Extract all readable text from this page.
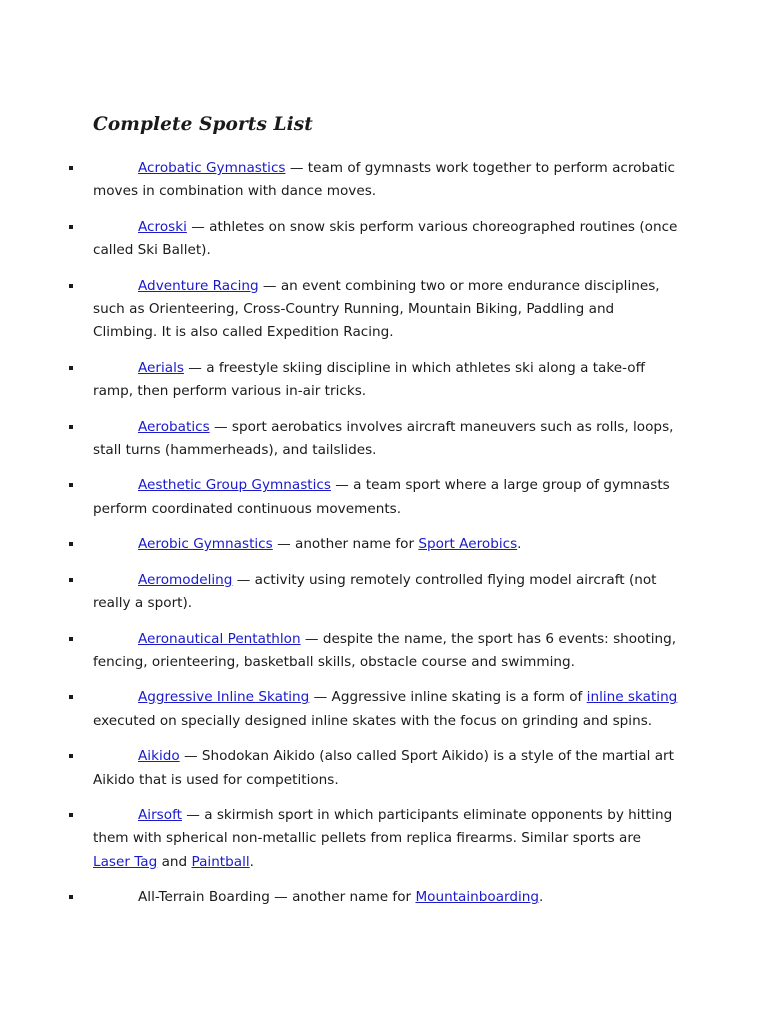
Complete Sports List
Acrobatic Gymnastics — team of gymnasts work together to perform acrobatic moves in combination with dance moves.
Acroski — athletes on snow skis perform various choreographed routines (once called Ski Ballet).
Adventure Racing — an event combining two or more endurance disciplines, such as Orienteering, Cross-Country Running, Mountain Biking, Paddling and Climbing. It is also called Expedition Racing.
Aerials — a freestyle skiing discipline in which athletes ski along a take-off ramp, then perform various in-air tricks.
Aerobatics — sport aerobatics involves aircraft maneuvers such as rolls, loops, stall turns (hammerheads), and tailslides.
Aesthetic Group Gymnastics — a team sport where a large group of gymnasts perform coordinated continuous movements.
Aerobic Gymnastics — another name for Sport Aerobics.
Aeromodeling — activity using remotely controlled flying model aircraft (not really a sport).
Aeronautical Pentathlon — despite the name, the sport has 6 events: shooting, fencing, orienteering, basketball skills, obstacle course and swimming.
Aggressive Inline Skating — Aggressive inline skating is a form of inline skating executed on specially designed inline skates with the focus on grinding and spins.
Aikido — Shodokan Aikido (also called Sport Aikido) is a style of the martial art Aikido that is used for competitions.
Airsoft — a skirmish sport in which participants eliminate opponents by hitting them with spherical non-metallic pellets from replica firearms. Similar sports are Laser Tag and Paintball.
All-Terrain Boarding — another name for Mountainboarding.
